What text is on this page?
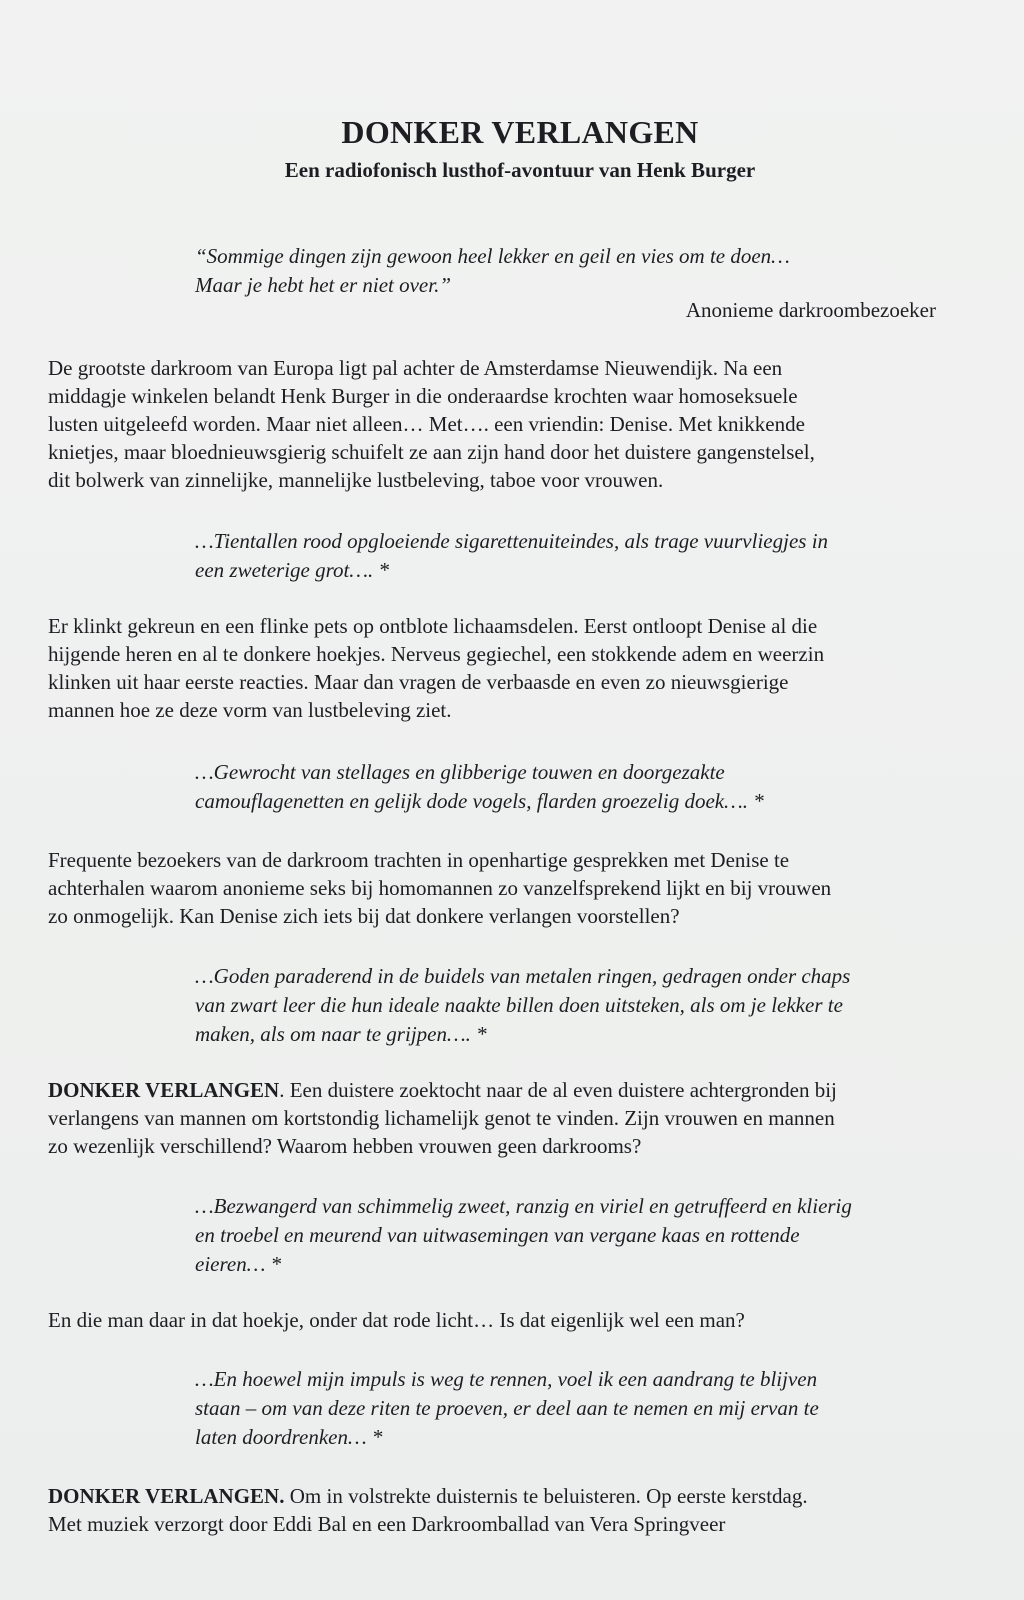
DONKER VERLANGEN
Een radiofonisch lusthof-avontuur van Henk Burger

“Sommige dingen zijn gewoon heel lekker en geil en vies om te doen…

Maar je hebt het er niet over.”

Anonieme darkroombezoeker

De grootste darkroom van Europa ligt pal achter de Amsterdamse Nieuwendijk. Na een

middagje winkelen belandt Henk Burger in die onderaardse krochten waar homoseksuele

lusten uitgeleefd worden. Maar niet alleen… Met…. een vriendin: Denise. Met knikkende

knietjes, maar bloednieuwsgierig schuifelt ze aan zijn hand door het duistere gangenstelsel,

dit bolwerk van zinnelijke, mannelijke lustbeleving, taboe voor vrouwen.

…Tientallen rood opgloeiende sigarettenuiteindes, als trage vuurvliegjes in

een zweterige grot…. *

Er klinkt gekreun en een flinke pets op ontblote lichaamsdelen. Eerst ontloopt Denise al die

hijgende heren en al te donkere hoekjes. Nerveus gegiechel, een stokkende adem en weerzin

klinken uit haar eerste reacties. Maar dan vragen de verbaasde en even zo nieuwsgierige

mannen hoe ze deze vorm van lustbeleving ziet.

…Gewrocht van stellages en glibberige touwen en doorgezakte

camouflagenetten en gelijk dode vogels, flarden groezelig doek…. *

Frequente bezoekers van de darkroom trachten in openhartige gesprekken met Denise te

achterhalen waarom anonieme seks bij homomannen zo vanzelfsprekend lijkt en bij vrouwen

zo onmogelijk. Kan Denise zich iets bij dat donkere verlangen voorstellen?

…Goden paraderend in de buidels van metalen ringen, gedragen onder chaps

van zwart leer die hun ideale naakte billen doen uitsteken, als om je lekker te

maken, als om naar te grijpen…. *

DONKER VERLANGEN. Een duistere zoektocht naar de al even duistere achtergronden bij

verlangens van mannen om kortstondig lichamelijk genot te vinden. Zijn vrouwen en mannen

zo wezenlijk verschillend? Waarom hebben vrouwen geen darkrooms?

…Bezwangerd van schimmelig zweet, ranzig en viriel en getruffeerd en klierig

en troebel en meurend van uitwasemingen van vergane kaas en rottende

eieren… *

En die man daar in dat hoekje, onder dat rode licht… Is dat eigenlijk wel een man?

…En hoewel mijn impuls is weg te rennen, voel ik een aandrang te blijven

staan – om van deze riten te proeven, er deel aan te nemen en mij ervan te

laten doordrenken… *

DONKER VERLANGEN. Om in volstrekte duisternis te beluisteren. Op eerste kerstdag.

Met muziek verzorgt door Eddi Bal en een Darkroomballad van Vera Springveer
